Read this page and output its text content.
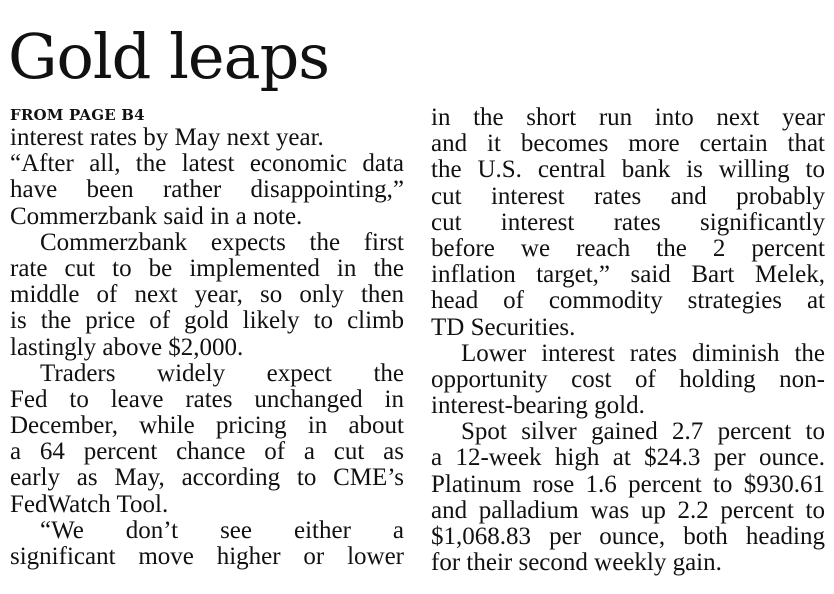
Gold leaps
FROM PAGE B4
interest rates by May next year.
“After all, the latest economic data
have been rather disappointing,”
Commerzbank said in a note.
Commerzbank expects the first
rate cut to be implemented in the
middle of next year, so only then
is the price of gold likely to climb
lastingly above $2,000.
Traders widely expect the
Fed to leave rates unchanged in
December, while pricing in about
a 64 percent chance of a cut as
early as May, according to CME’s
FedWatch Tool.
“We don’t see either a
significant move higher or lower
in the short run into next year
and it becomes more certain that
the U.S. central bank is willing to
cut interest rates and probably
cut interest rates significantly
before we reach the 2 percent
inflation target,” said Bart Melek,
head of commodity strategies at
TD Securities.
Lower interest rates diminish the
opportunity cost of holding non-
interest-bearing gold.
Spot silver gained 2.7 percent to
a 12-week high at $24.3 per ounce.
Platinum rose 1.6 percent to $930.61
and palladium was up 2.2 percent to
$1,068.83 per ounce, both heading
for their second weekly gain.
